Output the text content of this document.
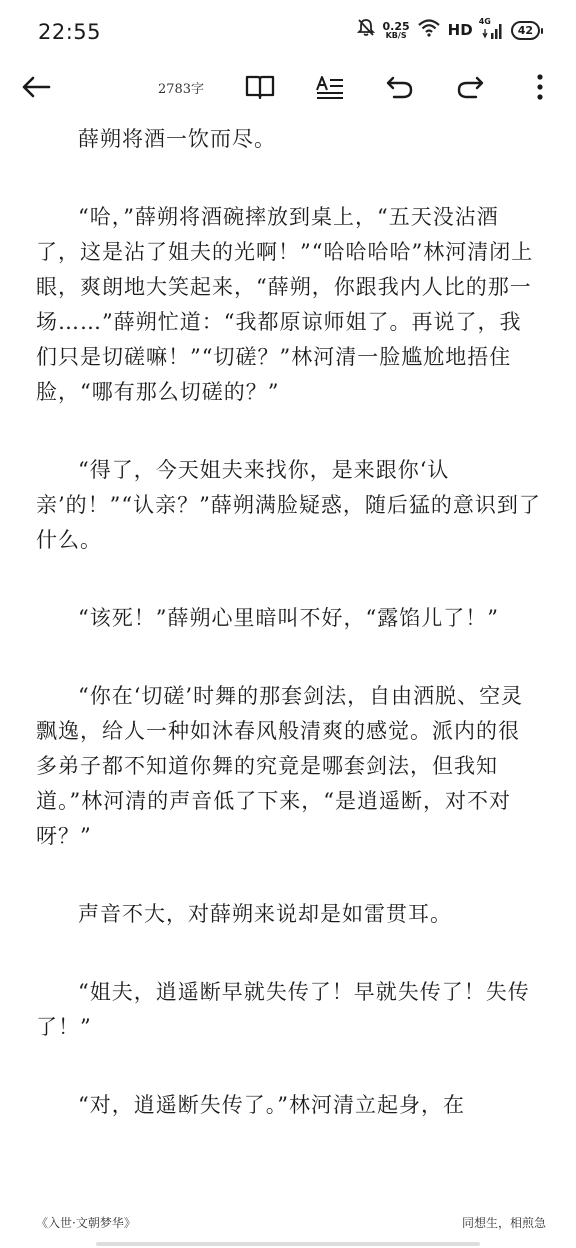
22:55	0.25
KB/S	HD 4G
42
2783字

薛朔将酒一饮而尽。

“哈，”薛朔将酒碗摔放到桌上，“五天没沾酒了，这是沾了姐夫的光啊！”“哈哈哈哈”林河清闭上眼，爽朗地大笑起来，“薛朔，你跟我内人比的那一场……”薛朔忙道：“我都原谅师姐了。再说了，我们只是切磋嘛！”“切磋？”林河清一脸尴尬地捂住脸，“哪有那么切磋的？”

“得了，今天姐夫来找你，是来跟你‘认亲’的！”“认亲？”薛朔满脸疑惑，随后猛的意识到了什么。

“该死！”薛朔心里暗叫不好，“露馅儿了！”

“你在‘切磋’时舞的那套剑法，自由洒脱、空灵飘逸，给人一种如沐春风般清爽的感觉。派内的很多弟子都不知道你舞的究竟是哪套剑法，但我知道。”林河清的声音低了下来，“是逍遥断，对不对呀？”

声音不大，对薛朔来说却是如雷贯耳。

“姐夫，逍遥断早就失传了！早就失传了！失传了！”

“对，逍遥断失传了。”林河清立起身，在

《入世·文朝梦华》	同想生，相煎急
